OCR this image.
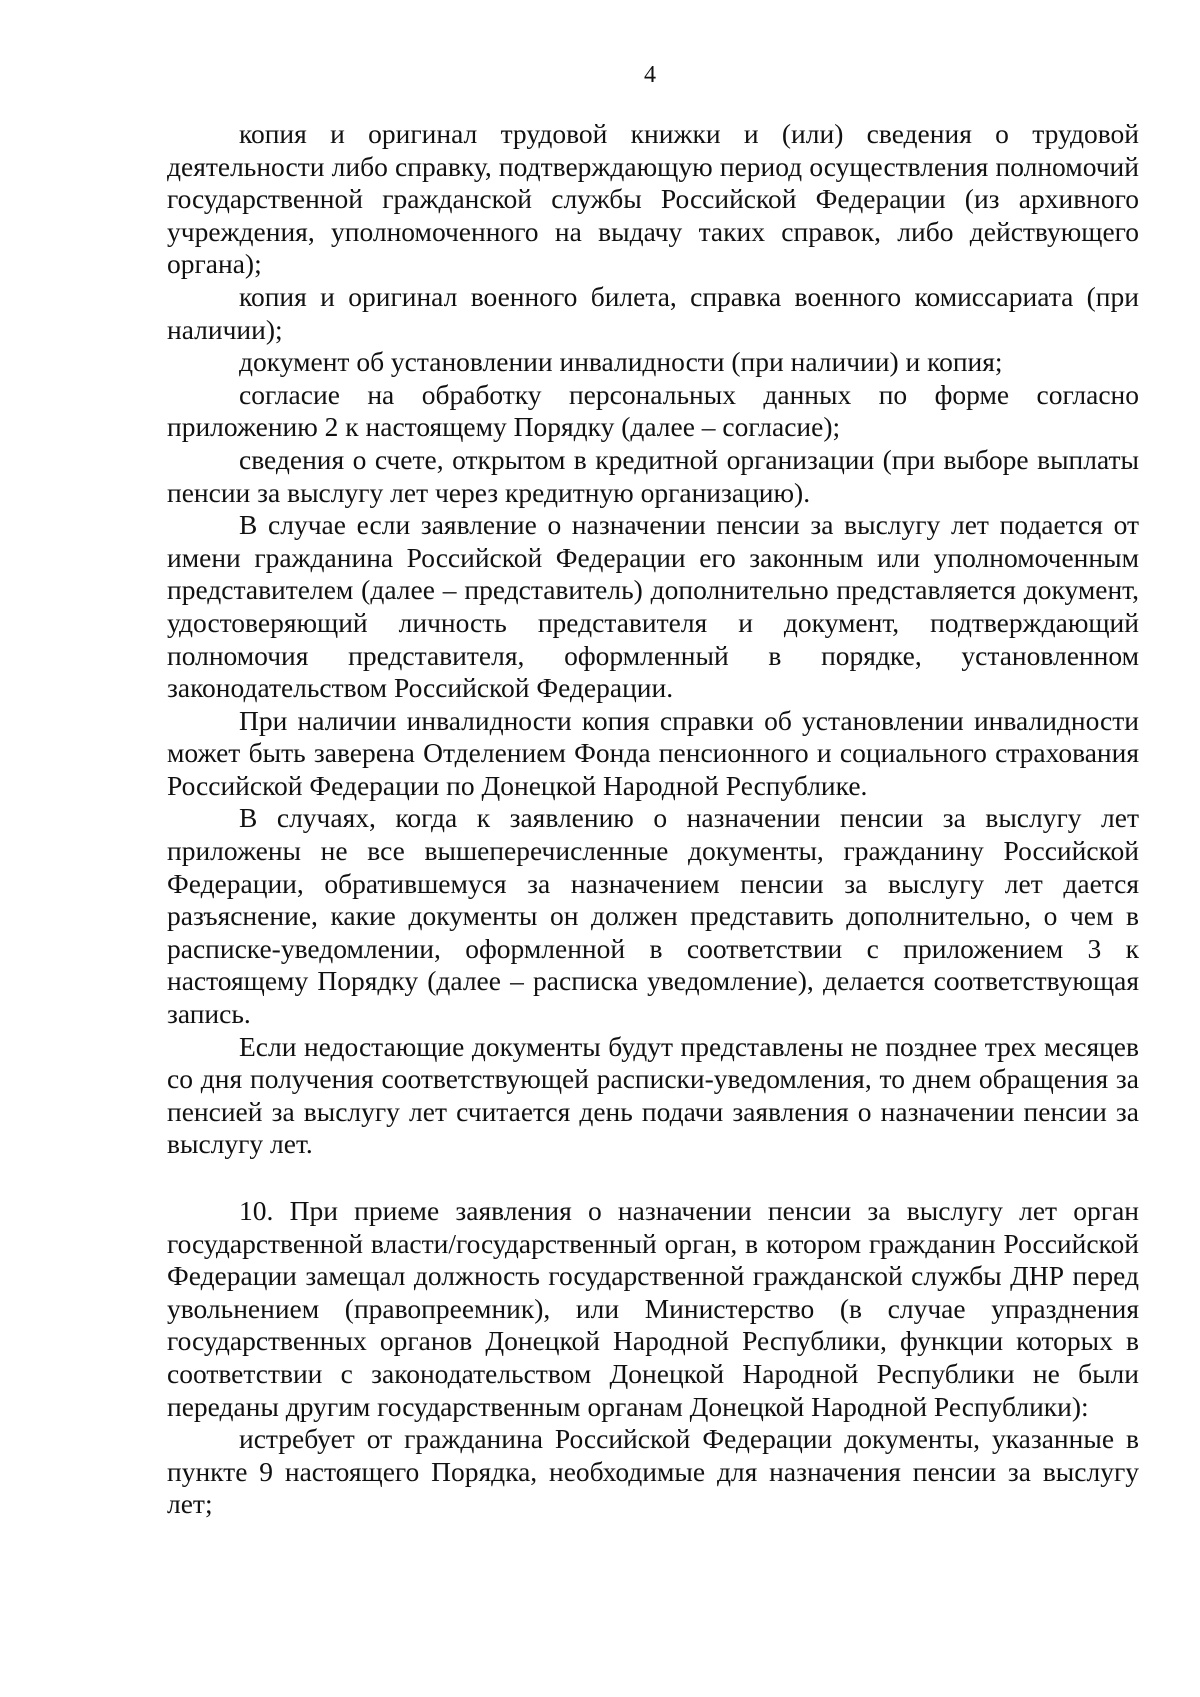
4

копия и оригинал трудовой книжки и (или) сведения о трудовой деятельности либо справку, подтверждающую период осуществления полномочий государственной гражданской службы Российской Федерации (из архивного учреждения, уполномоченного на выдачу таких справок, либо действующего органа);

копия и оригинал военного билета, справка военного комиссариата (при наличии);

документ об установлении инвалидности (при наличии) и копия;

согласие на обработку персональных данных по форме согласно приложению 2 к настоящему Порядку (далее – согласие);

сведения о счете, открытом в кредитной организации (при выборе выплаты пенсии за выслугу лет через кредитную организацию).

В случае если заявление о назначении пенсии за выслугу лет подается от имени гражданина Российской Федерации его законным или уполномоченным представителем (далее – представитель) дополнительно представляется документ, удостоверяющий личность представителя и документ, подтверждающий полномочия представителя, оформленный в порядке, установленном законодательством Российской Федерации.

При наличии инвалидности копия справки об установлении инвалидности может быть заверена Отделением Фонда пенсионного и социального страхования Российской Федерации по Донецкой Народной Республике.

В случаях, когда к заявлению о назначении пенсии за выслугу лет приложены не все вышеперечисленные документы, гражданину Российской Федерации, обратившемуся за назначением пенсии за выслугу лет дается разъяснение, какие документы он должен представить дополнительно, о чем в расписке-уведомлении, оформленной в соответствии с приложением 3 к настоящему Порядку (далее – расписка уведомление), делается соответствующая запись.

Если недостающие документы будут представлены не позднее трех месяцев со дня получения соответствующей расписки-уведомления, то днем обращения за пенсией за выслугу лет считается день подачи заявления о назначении пенсии за выслугу лет.

10. При приеме заявления о назначении пенсии за выслугу лет орган государственной власти/государственный орган, в котором гражданин Российской Федерации замещал должность государственной гражданской службы ДНР перед увольнением (правопреемник), или Министерство (в случае упразднения государственных органов Донецкой Народной Республики, функции которых в соответствии с законодательством Донецкой Народной Республики не были переданы другим государственным органам Донецкой Народной Республики):

истребует от гражданина Российской Федерации документы, указанные в пункте 9 настоящего Порядка, необходимые для назначения пенсии за выслугу лет;
